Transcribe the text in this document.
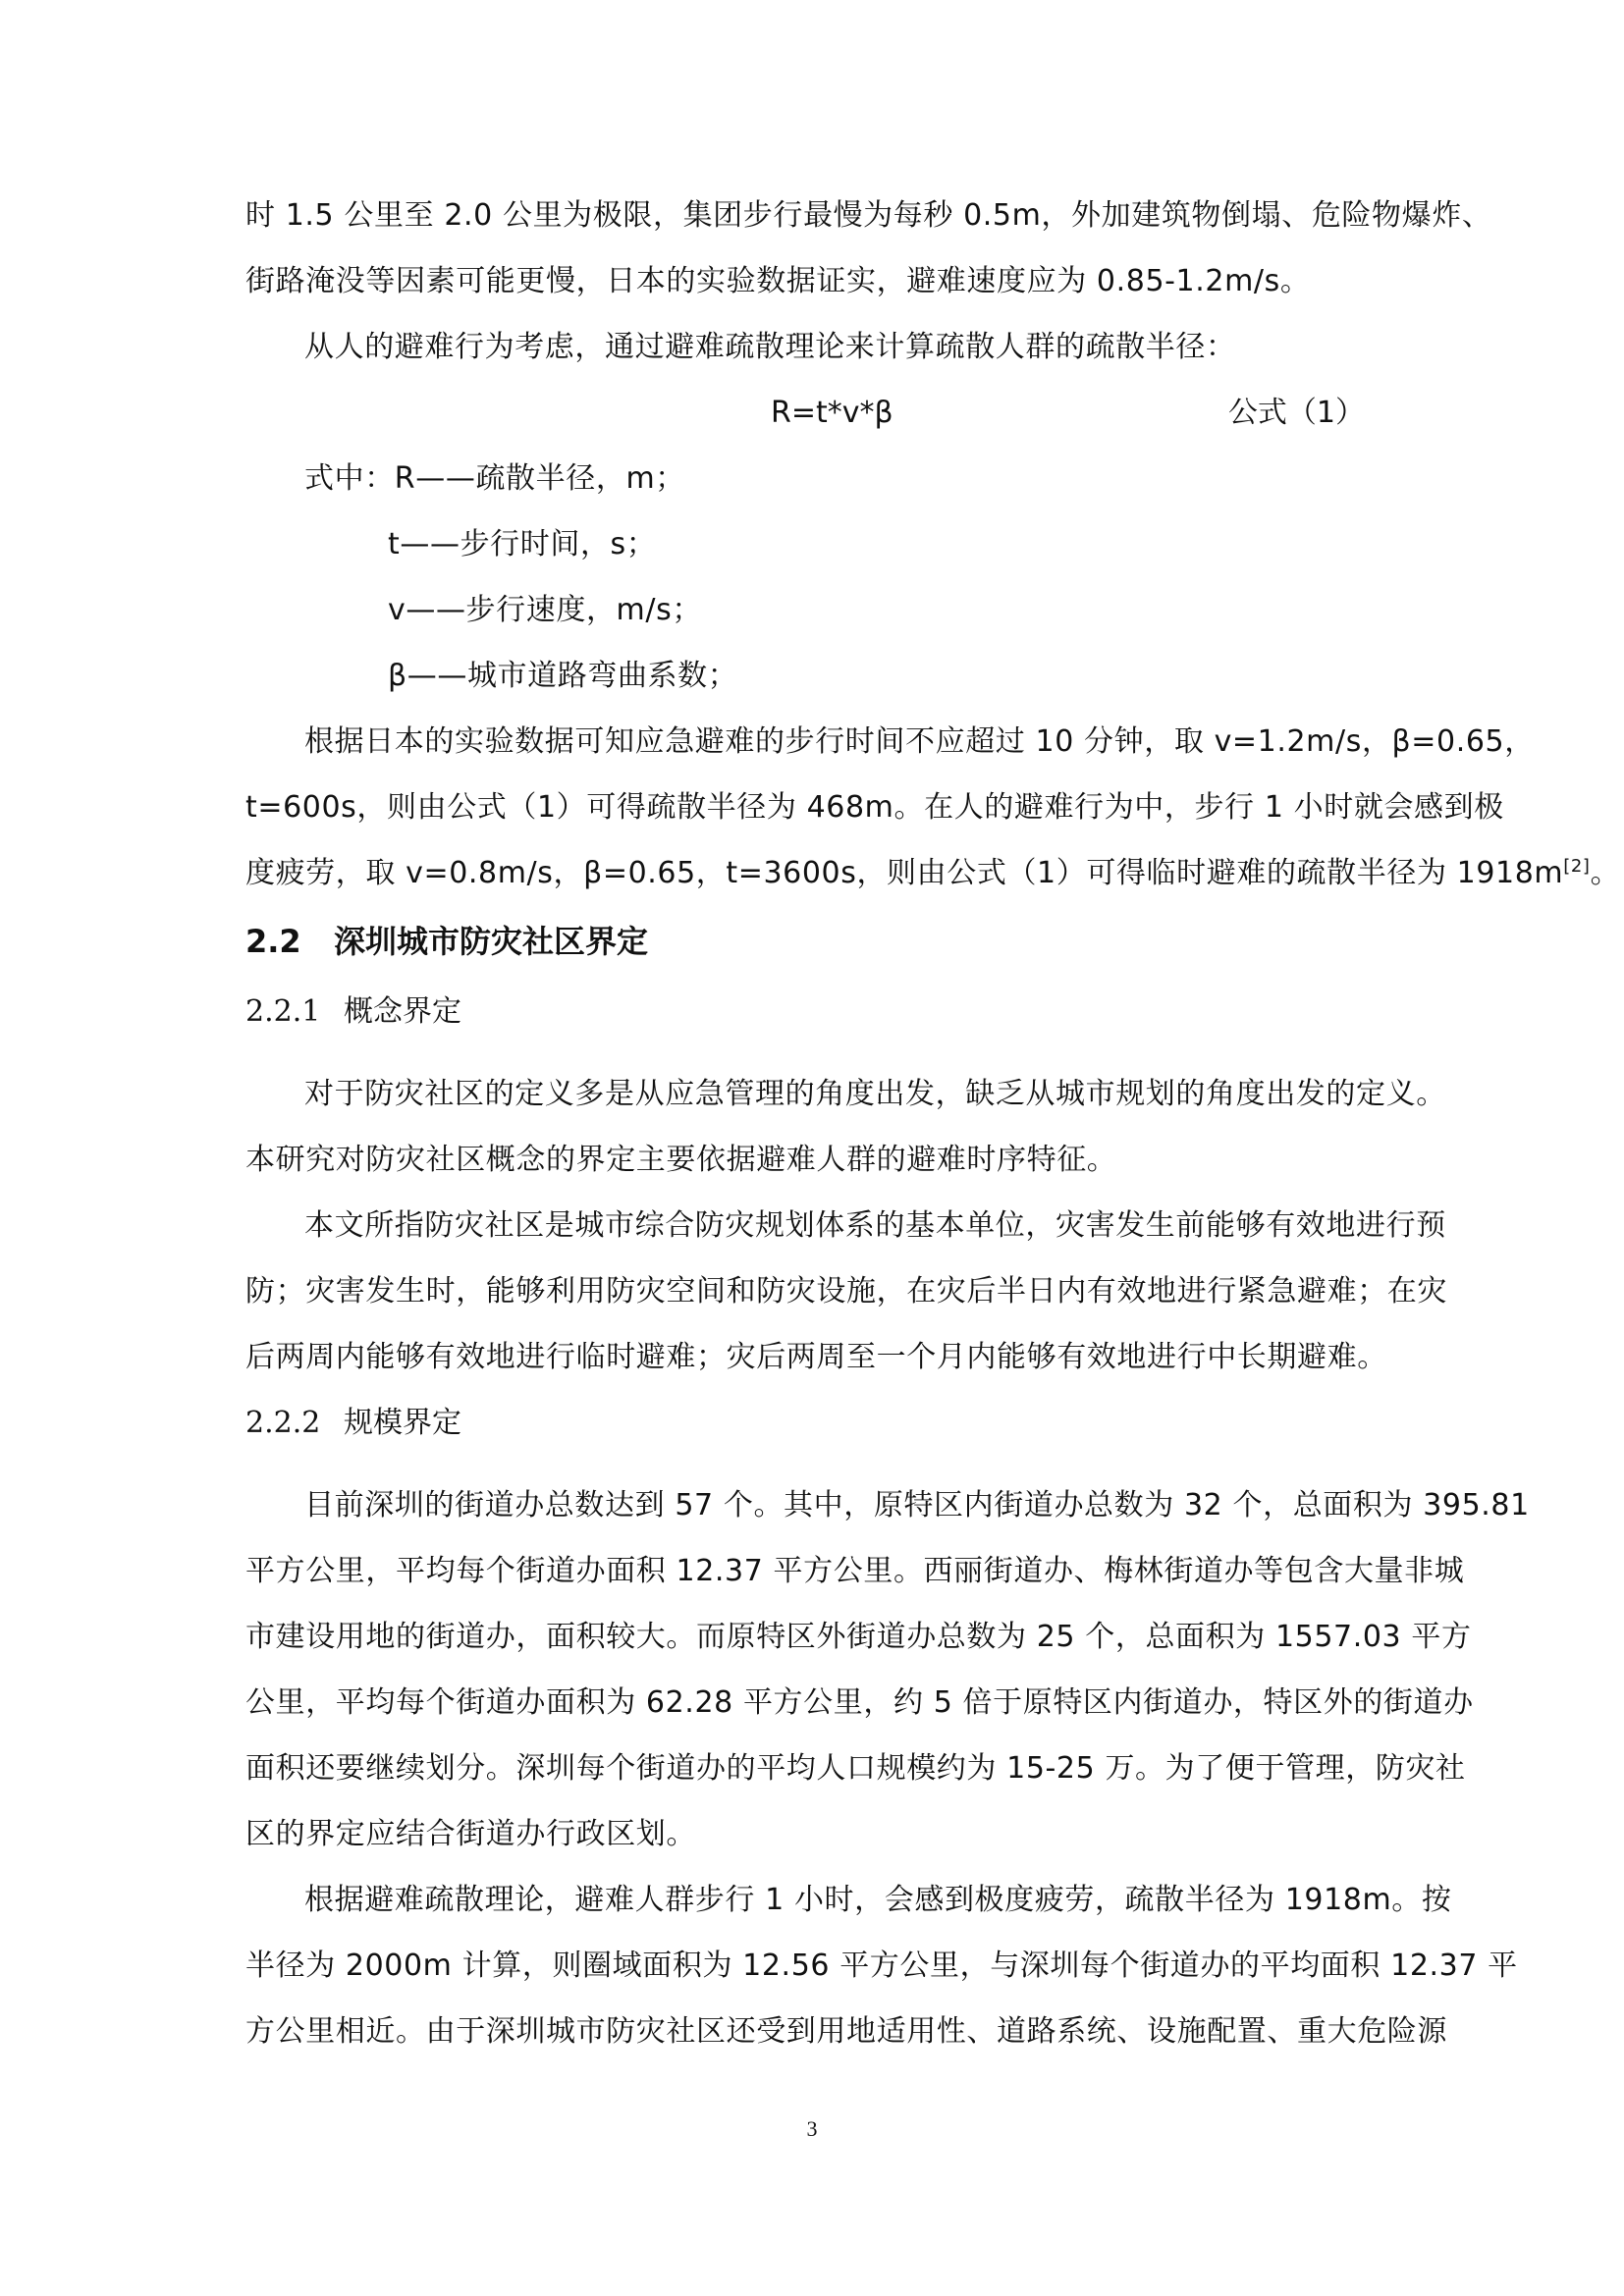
时 1.5 公里至 2.0 公里为极限，集团步行最慢为每秒 0.5m，外加建筑物倒塌、危险物爆炸、

街路淹没等因素可能更慢，日本的实验数据证实，避难速度应为 0.85-1.2m/s。

从人的避难行为考虑，通过避难疏散理论来计算疏散人群的疏散半径：

R=t*v*β	公式（1）

式中：R——疏散半径，m；

t——步行时间，s；

v——步行速度，m/s；

β——城市道路弯曲系数；

根据日本的实验数据可知应急避难的步行时间不应超过 10 分钟，取 v=1.2m/s，β=0.65，

t=600s，则由公式（1）可得疏散半径为 468m。在人的避难行为中，步行 1 小时就会感到极

度疲劳，取 v=0.8m/s，β=0.65，t=3600s，则由公式（1）可得临时避难的疏散半径为 1918m[2]。

2.2 深圳城市防灾社区界定
2.2.1 概念界定

对于防灾社区的定义多是从应急管理的角度出发，缺乏从城市规划的角度出发的定义。

本研究对防灾社区概念的界定主要依据避难人群的避难时序特征。

本文所指防灾社区是城市综合防灾规划体系的基本单位，灾害发生前能够有效地进行预

防；灾害发生时，能够利用防灾空间和防灾设施，在灾后半日内有效地进行紧急避难；在灾

后两周内能够有效地进行临时避难；灾后两周至一个月内能够有效地进行中长期避难。

2.2.2 规模界定

目前深圳的街道办总数达到 57 个。其中，原特区内街道办总数为 32 个，总面积为 395.81

平方公里，平均每个街道办面积 12.37 平方公里。西丽街道办、梅林街道办等包含大量非城

市建设用地的街道办，面积较大。而原特区外街道办总数为 25 个，总面积为 1557.03 平方

公里，平均每个街道办面积为 62.28 平方公里，约 5 倍于原特区内街道办，特区外的街道办

面积还要继续划分。深圳每个街道办的平均人口规模约为 15-25 万。为了便于管理，防灾社

区的界定应结合街道办行政区划。

根据避难疏散理论，避难人群步行 1 小时，会感到极度疲劳，疏散半径为 1918m。按

半径为 2000m 计算，则圈域面积为 12.56 平方公里，与深圳每个街道办的平均面积 12.37 平

方公里相近。由于深圳城市防灾社区还受到用地适用性、道路系统、设施配置、重大危险源

3
